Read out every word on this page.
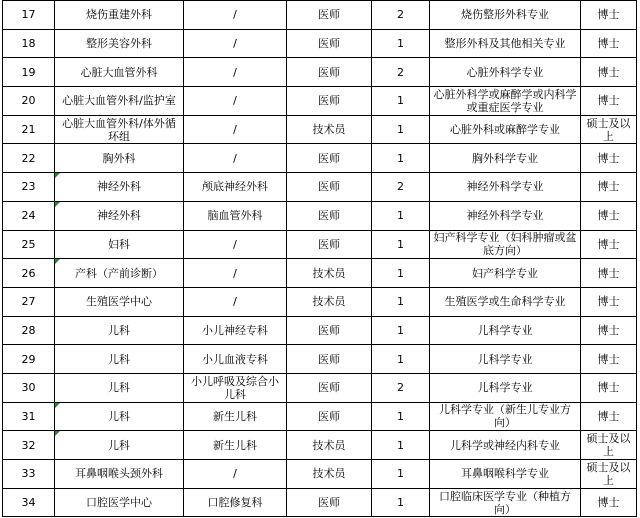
17	烧伤重建外科	/	医师	2	烧伤整形外科专业	博士

18	整形美容外科	/	医师	1	整形外科及其他相关专业	博士

19	心脏大血管外科	/	医师	2	心脏外科学专业	博士

20	心脏大血管外科/监护室	/	医师	1	心脏外科学或麻醉学或内科学或重症医学专业	博士

21	心脏大血管外科/体外循环组	/	技术员	1	心脏外科或麻醉学专业	硕士及以上

22	胸外科	/	医师	1	胸外科学专业	博士

23	神经外科	颅底神经外科	医师	2	神经外科学专业	博士

24	神经外科	脑血管外科	医师	1	神经外科学专业	博士

25	妇科	/	医师	1	妇产科学专业（妇科肿瘤或盆底方向）	博士

26	产科（产前诊断）	/	技术员	1	妇产科学专业	博士

27	生殖医学中心	/	技术员	1	生殖医学或生命科学专业	博士

28	儿科	小儿神经专科	医师	1	儿科学专业	博士

29	儿科	小儿血液专科	医师	1	儿科学专业	博士

30	儿科	小儿呼吸及综合小儿科	医师	2	儿科学专业	博士

31	儿科	新生儿科	医师	1	儿科学专业（新生儿专业方向）	博士

32	儿科	新生儿科	技术员	1	儿科学或神经内科专业	硕士及以上

33	耳鼻咽喉头颈外科	/	技术员	1	耳鼻咽喉科学专业	硕士及以上

34	口腔医学中心	口腔修复科	医师	1	口腔临床医学专业（种植方向）	博士
